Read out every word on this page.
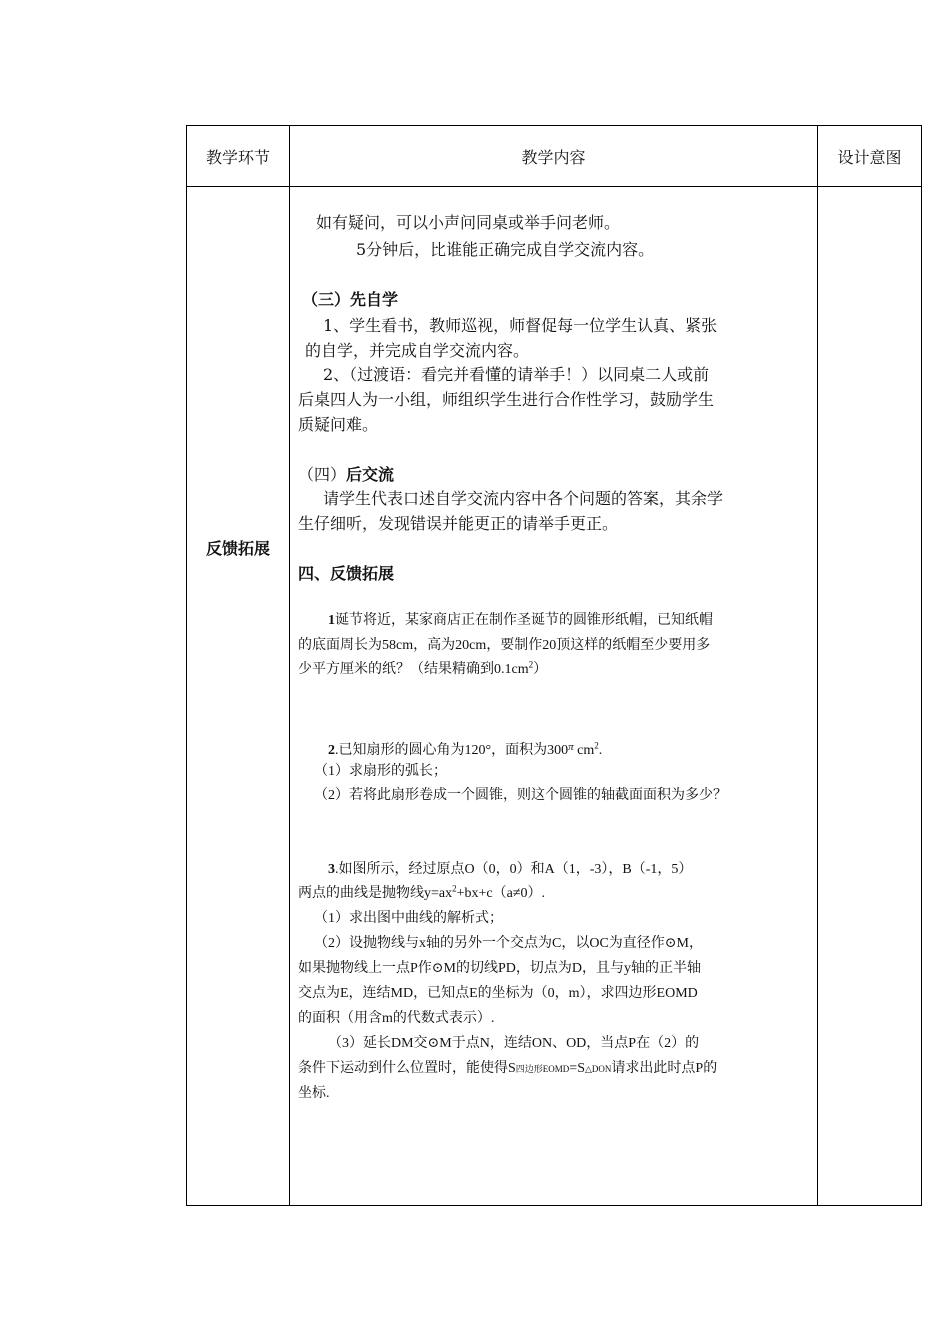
教学环节	教学内容	设计意图
反馈拓展
如有疑问，可以小声问同桌或举手问老师。
5分钟后，比谁能正确完成自学交流内容。
（三）先自学
1、学生看书，教师巡视，师督促每一位学生认真、紧张
的自学，并完成自学交流内容。
2、（过渡语：看完并看懂的请举手！）以同桌二人或前
后桌四人为一小组，师组织学生进行合作性学习，鼓励学生
质疑问难。
（四）后交流
请学生代表口述自学交流内容中各个问题的答案，其余学
生仔细听，发现错误并能更正的请举手更正。
四、反馈拓展
1诞节将近，某家商店正在制作圣诞节的圆锥形纸帽，已知纸帽
的底面周长为58cm，高为20cm，要制作20顶这样的纸帽至少要用多
少平方厘米的纸？（结果精确到$0.1cm^2$）
2.已知扇形的圆心角为120°，面积为$300^\pi$ $cm^2$.
（1）求扇形的弧长；
（2）若将此扇形卷成一个圆锥，则这个圆锥的轴截面面积为多少？
3.如图所示，经过原点O（0，0）和A（1，-3），B（-1，5）
两点的曲线是抛物线$y=ax^2+bx+c(a\ne 0)$.
（1）求出图中曲线的解析式；
（2）设抛物线与x轴的另外一个交点为C，以OC为直径作⊙M，
如果抛物线上一点P作⊙M的切线PD，切点为D，且与y轴的正半轴
交点为E，连结MD，已知点E的坐标为（0，m），求四边形EOMD
的面积（用含m的代数式表示）.
（3）延长DM交⊙M于点N，连结ON、OD，当点P在（2）的
条件下运动到什么位置时，能使得S四边形EOMD=S△DON请求出此时点P的
坐标.
